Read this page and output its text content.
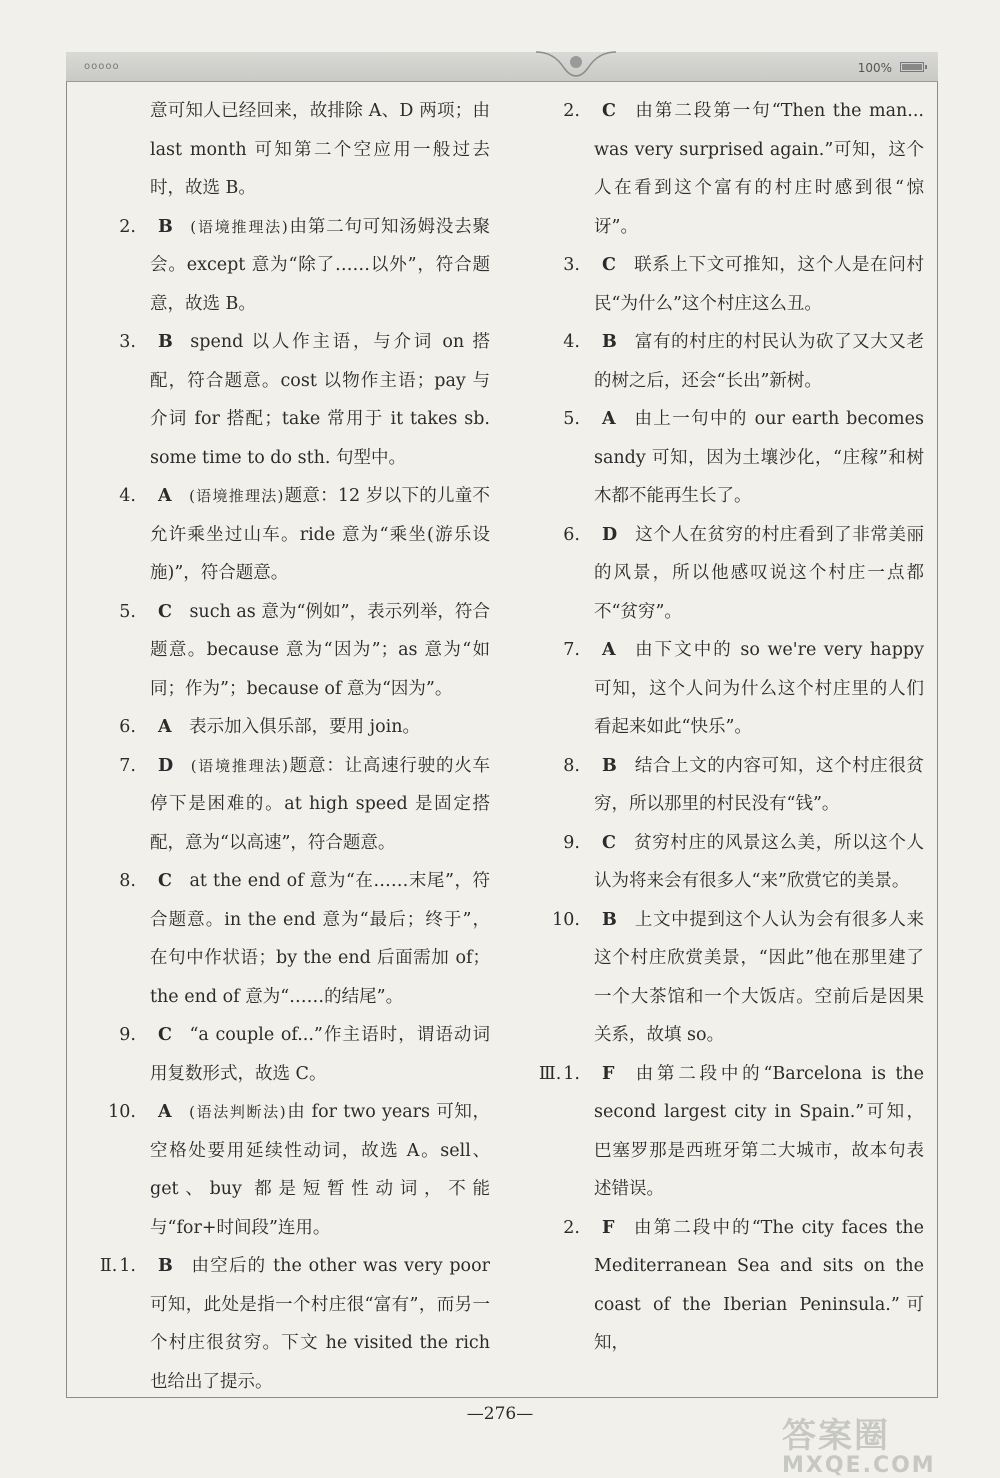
ooooo	100%
意可知人已经回来，故排除 A、D 两项；由 last month 可知第二个空应用一般过去时，故选 B。
2. B  (语境推理法)由第二句可知汤姆没去聚会。except 意为“除了……以外”，符合题意，故选 B。
3. B  spend 以人作主语，与介词 on 搭配，符合题意。cost 以物作主语；pay 与介词 for 搭配；take 常用于 it takes sb. some time to do sth. 句型中。
4. A  (语境推理法)题意：12 岁以下的儿童不允许乘坐过山车。ride 意为“乘坐(游乐设施)”，符合题意。
5. C  such as 意为“例如”，表示列举，符合题意。because 意为“因为”；as 意为“如同；作为”；because of 意为“因为”。
6. A  表示加入俱乐部，要用 join。
7. D  (语境推理法)题意：让高速行驶的火车停下是困难的。at high speed 是固定搭配，意为“以高速”，符合题意。
8. C  at the end of 意为“在……末尾”，符合题意。in the end 意为“最后；终于”，在句中作状语；by the end 后面需加 of；the end of 意为“……的结尾”。
9. C  “a couple of...”作主语时，谓语动词用复数形式，故选 C。
10. A  (语法判断法)由 for two years 可知，空格处要用延续性动词，故选 A。sell、get、buy 都是短暂性动词，不能与“for+时间段”连用。
Ⅱ. 1. B  由空后的 the other was very poor 可知，此处是指一个村庄很“富有”，而另一个村庄很贫穷。下文 he visited the rich 也给出了提示。
2. C  由第二段第一句“Then the man... was very surprised again.”可知，这个人在看到这个富有的村庄时感到很“惊讶”。
3. C  联系上下文可推知，这个人是在问村民“为什么”这个村庄这么丑。
4. B  富有的村庄的村民认为砍了又大又老的树之后，还会“长出”新树。
5. A  由上一句中的 our earth becomes sandy 可知，因为土壤沙化，“庄稼”和树木都不能再生长了。
6. D  这个人在贫穷的村庄看到了非常美丽的风景，所以他感叹说这个村庄一点都不“贫穷”。
7. A  由下文中的 so we're very happy 可知，这个人问为什么这个村庄里的人们看起来如此“快乐”。
8. B  结合上文的内容可知，这个村庄很贫穷，所以那里的村民没有“钱”。
9. C  贫穷村庄的风景这么美，所以这个人认为将来会有很多人“来”欣赏它的美景。
10. B  上文中提到这个人认为会有很多人来这个村庄欣赏美景，“因此”他在那里建了一个大茶馆和一个大饭店。空前后是因果关系，故填 so。
Ⅲ. 1. F  由第二段中的“Barcelona is the second largest city in Spain.”可知，巴塞罗那是西班牙第二大城市，故本句表述错误。
2. F  由第二段中的“The city faces the Mediterranean Sea and sits on the coast of the Iberian Peninsula.”可知，
—276—
答案圈
MXQE.COM
